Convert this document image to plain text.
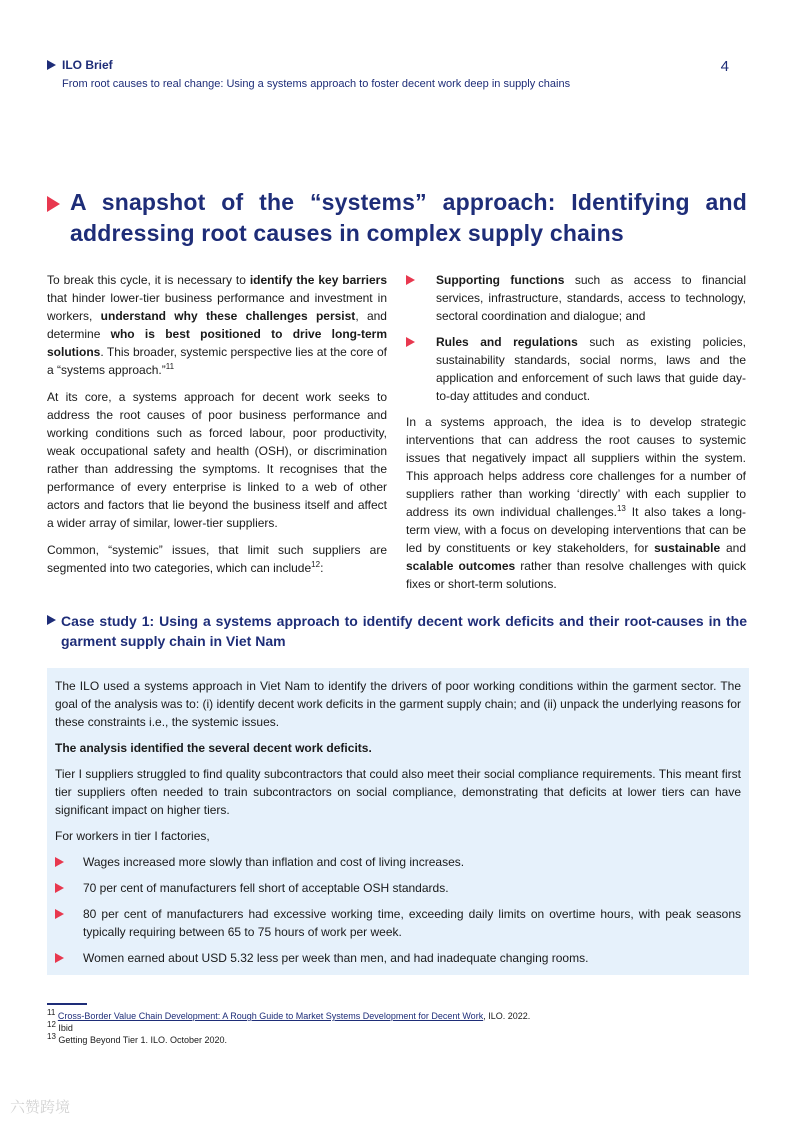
ILO Brief
From root causes to real change: Using a systems approach to foster decent work deep in supply chains
4
A snapshot of the “systems” approach: Identifying and addressing root causes in complex supply chains

To break this cycle, it is necessary to identify the key barriers that hinder lower-tier business performance and investment in workers, understand why these challenges persist, and determine who is best positioned to drive long-term solutions. This broader, systemic perspective lies at the core of a “systems approach.”$^{11}$

At its core, a systems approach for decent work seeks to address the root causes of poor business performance and working conditions such as forced labour, poor productivity, weak occupational safety and health (OSH), or discrimination rather than addressing the symptoms. It recognises that the performance of every enterprise is linked to a web of other actors and factors that lie beyond the business itself and affect a wider array of similar, lower-tier suppliers.

Common, “systemic” issues, that limit such suppliers are segmented into two categories, which can include$^{12}$:

Supporting functions such as access to financial services, infrastructure, standards, access to technology, sectoral coordination and dialogue; and
Rules and regulations such as existing policies, sustainability standards, social norms, laws and the application and enforcement of such laws that guide day-to-day attitudes and conduct.

In a systems approach, the idea is to develop strategic interventions that can address the root causes to systemic issues that negatively impact all suppliers within the system. This approach helps address core challenges for a number of suppliers rather than working ‘directly’ with each supplier to address its own individual challenges.$^{13}$ It also takes a long-term view, with a focus on developing interventions that can be led by constituents or key stakeholders, for sustainable and scalable outcomes rather than resolve challenges with quick fixes or short-term solutions.

Case study 1: Using a systems approach to identify decent work deficits and their root-causes in the garment supply chain in Viet Nam

The ILO used a systems approach in Viet Nam to identify the drivers of poor working conditions within the garment sector. The goal of the analysis was to: (i) identify decent work deficits in the garment supply chain; and (ii) unpack the underlying reasons for these constraints i.e., the systemic issues.

The analysis identified the several decent work deficits.

Tier I suppliers struggled to find quality subcontractors that could also meet their social compliance requirements. This meant first tier suppliers often needed to train subcontractors on social compliance, demonstrating that deficits at lower tiers can have significant impact on higher tiers.

For workers in tier I factories,

Wages increased more slowly than inflation and cost of living increases.
70 per cent of manufacturers fell short of acceptable OSH standards.
80 per cent of manufacturers had excessive working time, exceeding daily limits on overtime hours, with peak seasons typically requiring between 65 to 75 hours of work per week.
Women earned about USD 5.32 less per week than men, and had inadequate changing rooms.
$^{11}$ Cross-Border Value Chain Development: A Rough Guide to Market Systems Development for Decent Work, ILO. 2022.
$^{12}$ Ibid
$^{13}$ Getting Beyond Tier 1. ILO. October 2020.
六赞跨境
